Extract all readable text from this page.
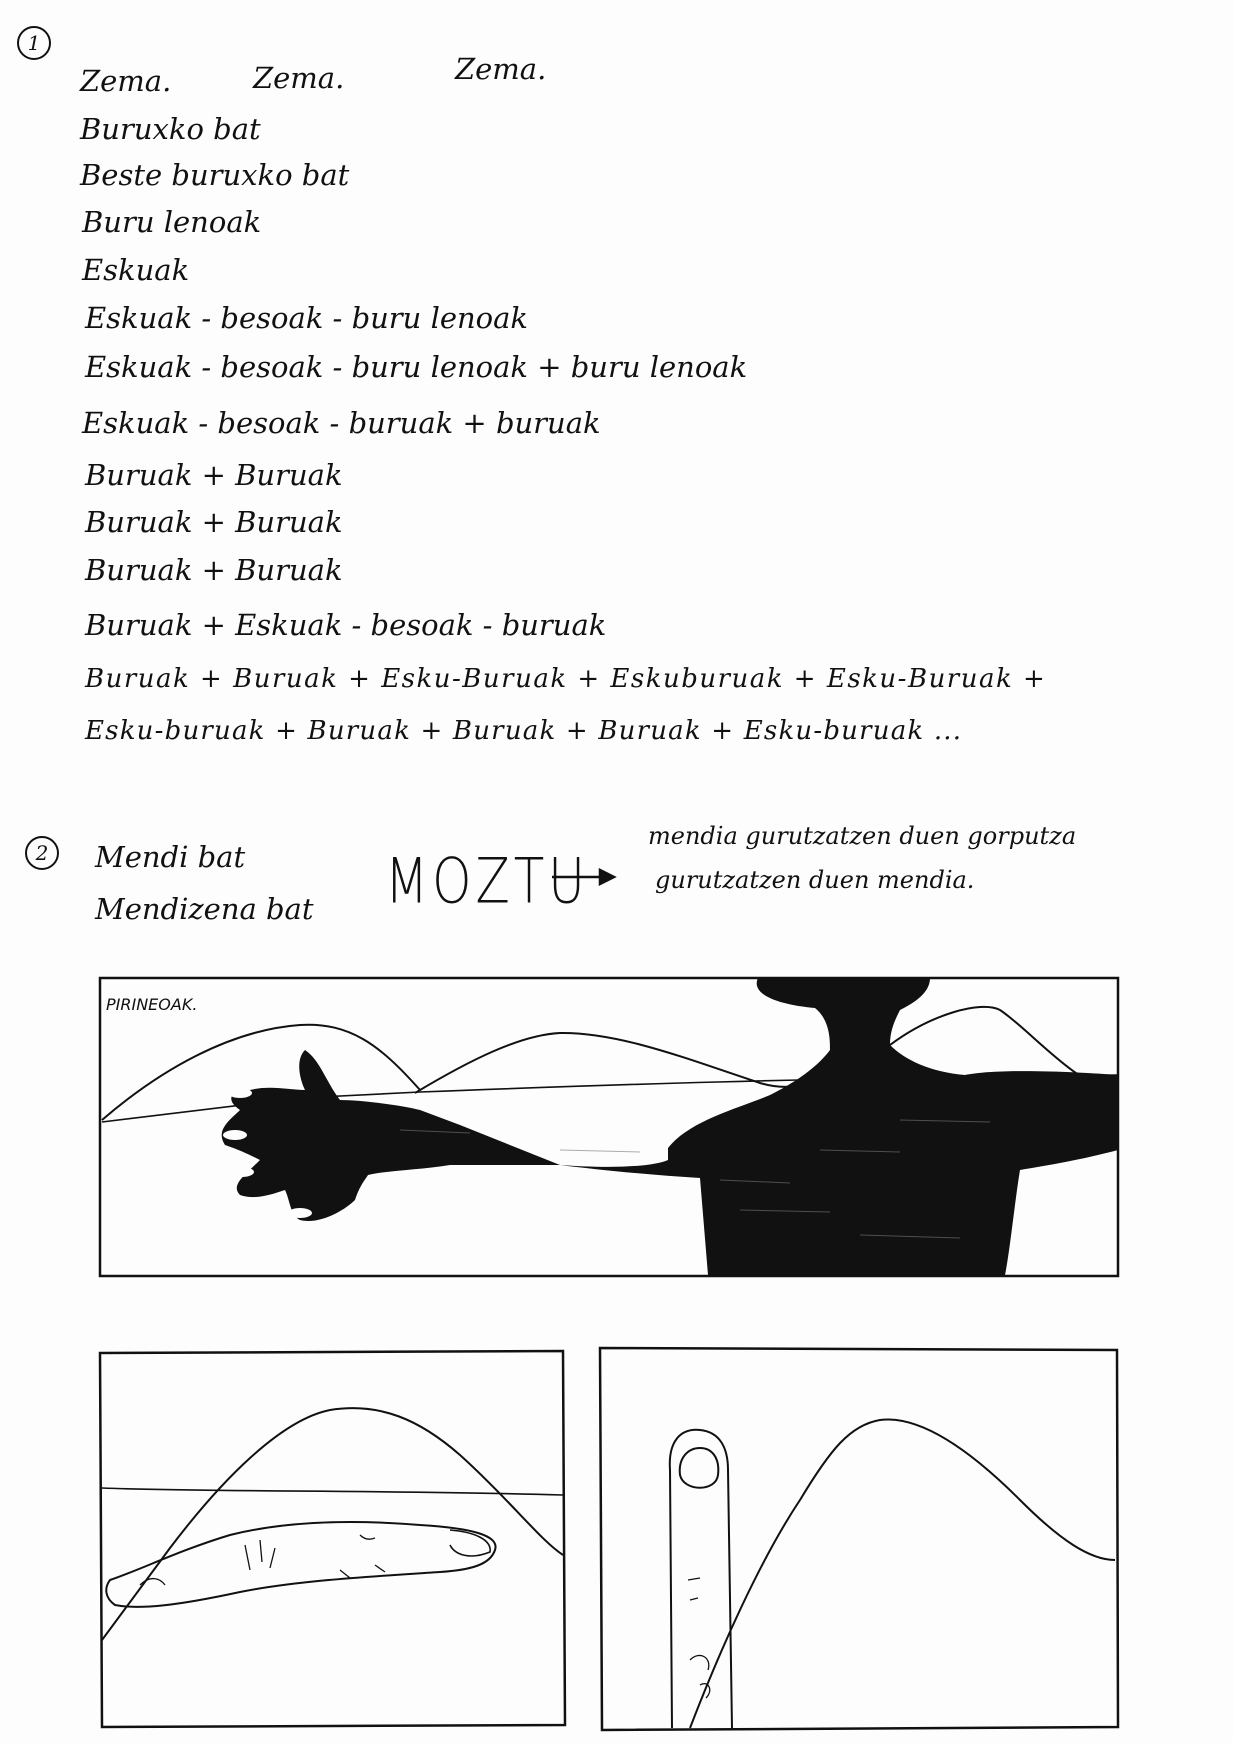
1
Zema.	Zema.	Zema.
Buruxko bat
Beste buruxko bat
Buru lenoak
Eskuak
Eskuak - besoak - buru lenoak
Eskuak - besoak - buru lenoak + buru lenoak
Eskuak - besoak - buruak + buruak
Buruak + Buruak
Buruak + Buruak
Buruak + Buruak
Buruak + Eskuak - besoak - buruak
Buruak + Buruak + Esku-Buruak + Eskuburuak + Esku-Buruak +
Esku-buruak + Buruak + Buruak + Buruak + Esku-buruak ...
2	Mendi bat
Mendizena bat MOZTU
mendia gurutzatzen duen gorputza
gurutzatzen duen mendia.
PIRINEOAK.
